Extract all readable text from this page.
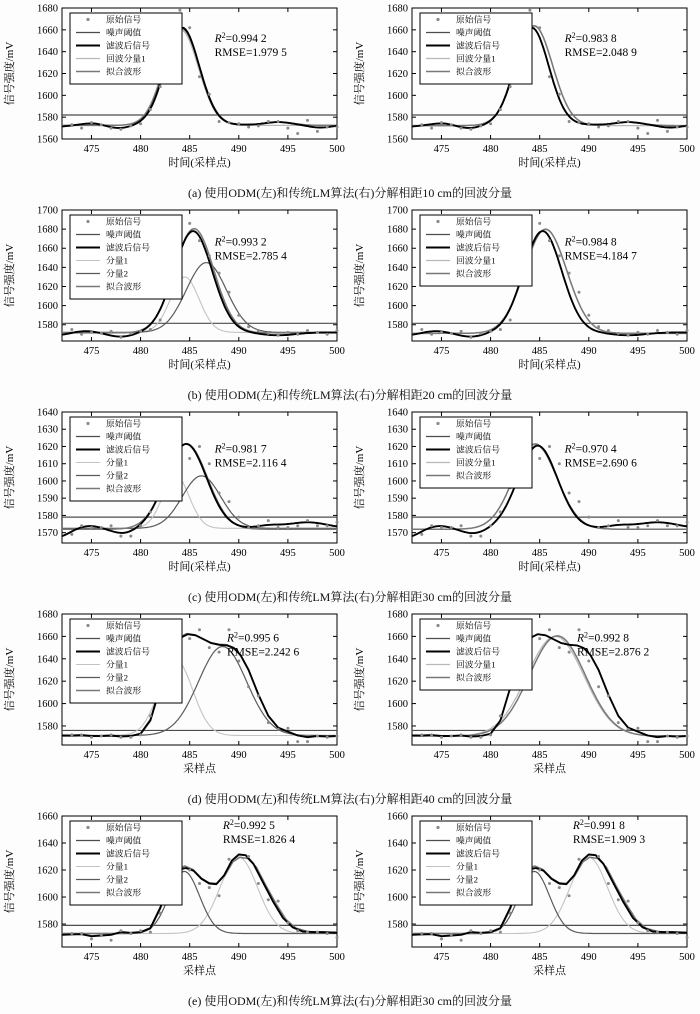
1560
1580
1600
1620
1640
1660
1680
475	480	485	490	495	500
时间(采样点)
信号强度/mV
原始信号
噪声阈值
滤波后信号
回波分量1
拟合波形
$R^2=0.994$ 2
RMSE=1.979 5
1560
1580
1600
1620
1640
1660
1680
475	480	485	490	495	500
时间(采样点)
信号强度/mV
原始信号
噪声阈值
滤波后信号
回波分量1
拟合波形
$R^2=0.983$ 8
RMSE=2.048 9
(a) 使用ODM(左)和传统LM算法(右)分解相距10 cm的回波分量
1580
1600
1620
1640
1660
1680
1700
475	480	485	490	495	500
时间(采样点)
信号强度/mV
原始信号
噪声阈值
滤波后信号
分量1
分量2
拟合波形
$R^2=0.993$ 2
RMSE=2.785 4
1580
1600
1620
1640
1660
1680
1700
475	480	485	490	495	500
时间(采样点)
信号强度/mV
原始信号
噪声阈值
滤波后信号
回波分量1
拟合波形
$R^2=0.984$ 8
RMSE=4.184 7
(b) 使用ODM(左)和传统LM算法(右)分解相距20 cm的回波分量
1570
1580
1590
1600
1610
1620
1630
1640
475	480	485	490	495	500
时间(采样点)
信号强度/mV
原始信号
噪声阈值
滤波后信号
分量1
分量2
拟合波形
$R^2=0.981$ 7
RMSE=2.116 4
1570
1580
1590
1600
1610
1620
1630
1640
475	480	485	490	495	500
时间(采样点)
信号强度/mV
原始信号
噪声阈值
滤波后信号
回波分量1
拟合波形
$R^2=0.970$ 4
RMSE=2.690 6
(c) 使用ODM(左)和传统LM算法(右)分解相距30 cm的回波分量
1580
1600
1620
1640
1660
1680
475	480	485	490	495	500
采样点
信号强度/mV
原始信号
噪声阈值
滤波后信号
分量1
分量2
拟合波形
$R^2=0.995$ 6
RMSE=2.242 6
1580
1600
1620
1640
1660
1680
475	480	485	490	495	500
采样点
信号强度/mV
原始信号
噪声阈值
滤波后信号
回波分量1
拟合波形
$R^2=0.992$ 8
RMSE=2.876 2
(d) 使用ODM(左)和传统LM算法(右)分解相距40 cm的回波分量
1580
1600
1620
1640
1660
475	480	485	490	495	500
采样点
信号强度/mV
原始信号
噪声阈值
滤波后信号
分量1
分量2
拟合波形
$R^2=0.992$ 5
RMSE=1.826 4
1580
1600
1620
1640
1660
475	480	485	490	495	500
采样点
信号强度/mV
原始信号
噪声阈值
滤波后信号
分量1
分量2
拟合波形
$R^2=0.991$ 8
RMSE=1.909 3
(e) 使用ODM(左)和传统LM算法(右)分解相距30 cm的回波分量
